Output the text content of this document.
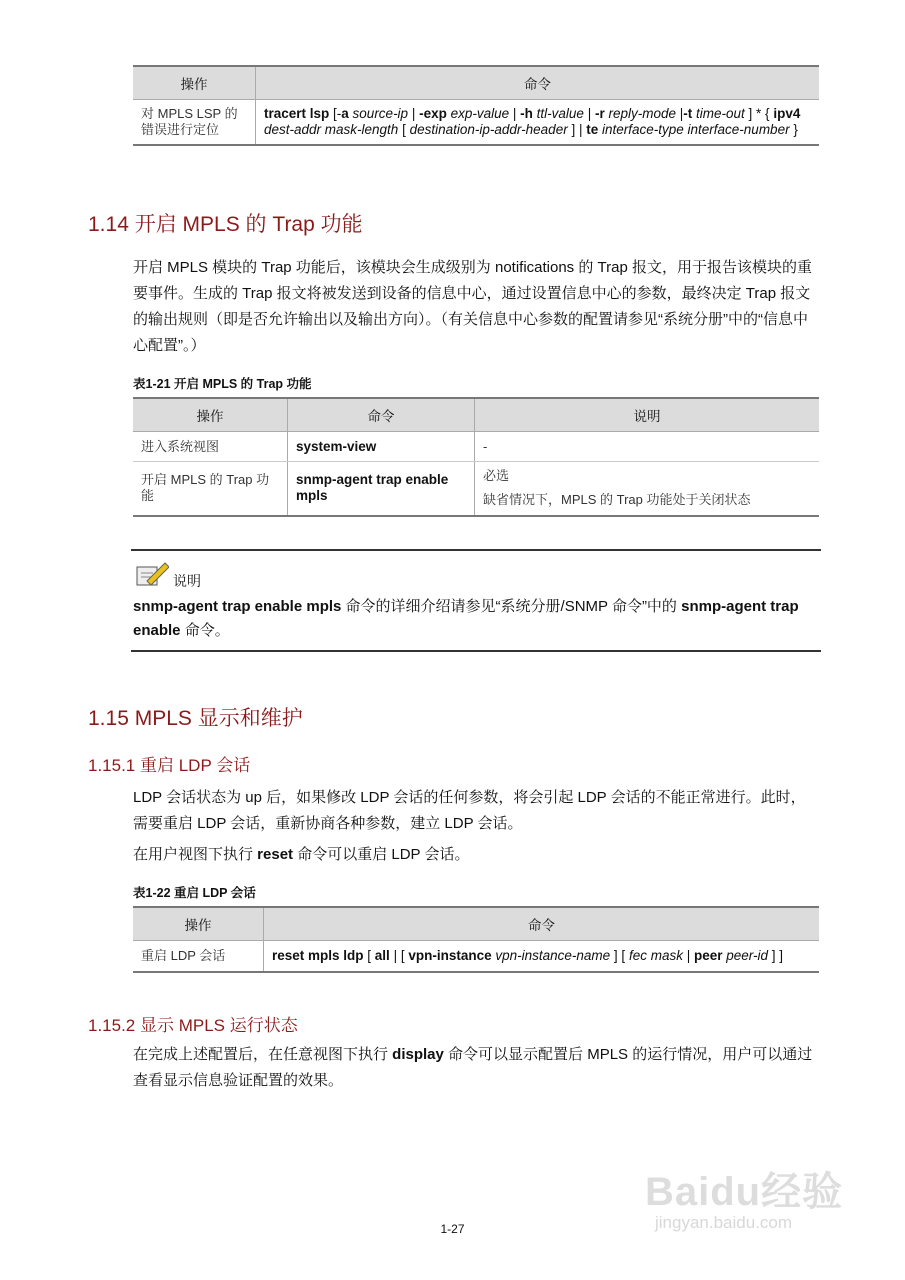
操作	命令
对 MPLS LSP 的错误进行定位	tracert lsp [-a source-ip | -exp exp-value | -h ttl-value | -r reply-mode |-t time-out ] * { ipv4 dest-addr mask-length [ destination-ip-addr-header ] | te interface-type interface-number }
1.14 开启 MPLS 的 Trap 功能
开启 MPLS 模块的 Trap 功能后，该模块会生成级别为 notifications 的 Trap 报文，用于报告该模块的重要事件。生成的 Trap 报文将被发送到设备的信息中心，通过设置信息中心的参数，最终决定 Trap 报文的输出规则（即是否允许输出以及输出方向）。（有关信息中心参数的配置请参见“系统分册”中的“信息中心配置”。）
表1-21 开启 MPLS 的 Trap 功能
操作	命令	说明
进入系统视图	system-view	-
开启 MPLS 的 Trap 功能	snmp-agent trap enable mpls	必选
缺省情况下，MPLS 的 Trap 功能处于关闭状态
说明
snmp-agent trap enable mpls 命令的详细介绍请参见“系统分册/SNMP 命令”中的 snmp-agent trap enable 命令。
1.15 MPLS 显示和维护
1.15.1 重启 LDP 会话
LDP 会话状态为 up 后，如果修改 LDP 会话的任何参数，将会引起 LDP 会话的不能正常进行。此时，需要重启 LDP 会话，重新协商各种参数，建立 LDP 会话。
在用户视图下执行 reset 命令可以重启 LDP 会话。
表1-22 重启 LDP 会话
操作	命令
重启 LDP 会话	reset mpls ldp [ all | [ vpn-instance vpn-instance-name ] [ fec mask | peer peer-id ] ]
1.15.2 显示 MPLS 运行状态
在完成上述配置后，在任意视图下执行 display 命令可以显示配置后 MPLS 的运行情况，用户可以通过查看显示信息验证配置的效果。
1-27
Baidu经验
jingyan.baidu.com
